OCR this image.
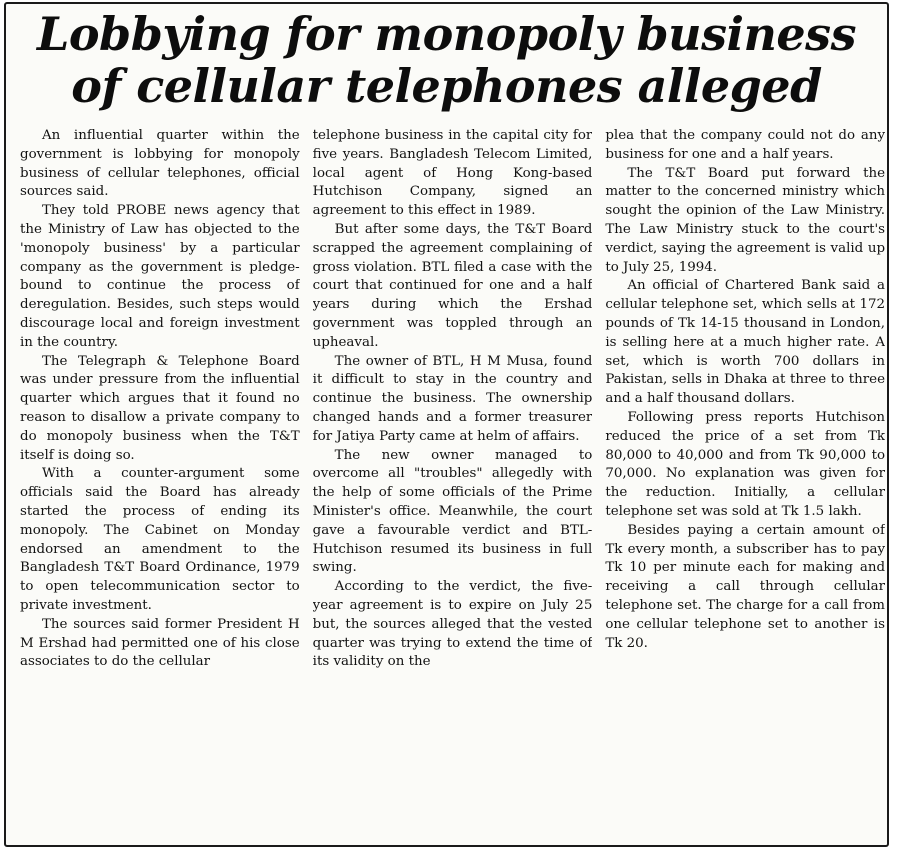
Lobbying for monopoly business
of cellular telephones alleged

An influential quarter within the government is lobbying for monopoly business of cellular telephones, official sources said.

They told PROBE news agency that the Ministry of Law has objected to the 'monopoly business' by a particular company as the government is pledge-bound to continue the process of deregulation. Besides, such steps would discourage local and foreign investment in the country.

The Telegraph & Telephone Board was under pressure from the influential quarter which argues that it found no reason to disallow a private company to do monopoly business when the T&T itself is doing so.

With a counter-argument some officials said the Board has already started the process of ending its monopoly. The Cabinet on Monday endorsed an amendment to the Bangladesh T&T Board Ordinance, 1979 to open telecommunication sector to private investment.

The sources said former President H M Ershad had permitted one of his close associates to do the cellular

telephone business in the capital city for five years. Bangladesh Telecom Limited, local agent of Hong Kong-based Hutchison Company, signed an agreement to this effect in 1989.

But after some days, the T&T Board scrapped the agreement complaining of gross violation. BTL filed a case with the court that continued for one and a half years during which the Ershad government was toppled through an upheaval.

The owner of BTL, H M Musa, found it difficult to stay in the country and continue the business. The ownership changed hands and a former treasurer for Jatiya Party came at helm of affairs.

The new owner managed to overcome all "troubles" allegedly with the help of some officials of the Prime Minister's office. Meanwhile, the court gave a favourable verdict and BTL-Hutchison resumed its business in full swing.

According to the verdict, the five-year agreement is to expire on July 25 but, the sources alleged that the vested quarter was trying to extend the time of its validity on the

plea that the company could not do any business for one and a half years.

The T&T Board put forward the matter to the concerned ministry which sought the opinion of the Law Ministry. The Law Ministry stuck to the court's verdict, saying the agreement is valid up to July 25, 1994.

An official of Chartered Bank said a cellular telephone set, which sells at 172 pounds of Tk 14-15 thousand in London, is selling here at a much higher rate. A set, which is worth 700 dollars in Pakistan, sells in Dhaka at three to three and a half thousand dollars.

Following press reports Hutchison reduced the price of a set from Tk 80,000 to 40,000 and from Tk 90,000 to 70,000. No explanation was given for the reduction. Initially, a cellular telephone set was sold at Tk 1.5 lakh.

Besides paying a certain amount of Tk every month, a subscriber has to pay Tk 10 per minute each for making and receiving a call through cellular telephone set. The charge for a call from one cellular telephone set to another is Tk 20.
